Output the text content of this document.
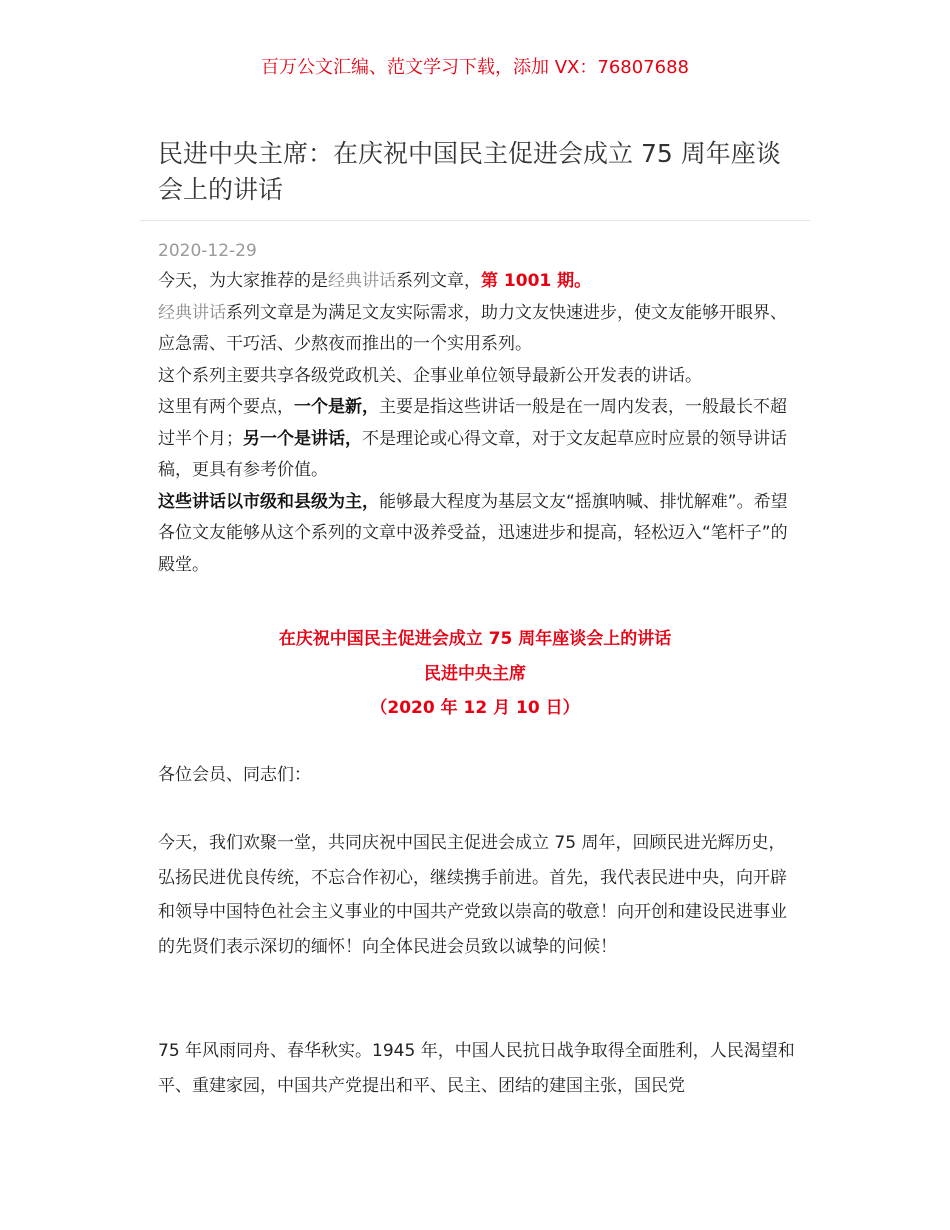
百万公文汇编、范文学习下载，添加 VX：76807688
民进中央主席：在庆祝中国民主促进会成立 75 周年座谈会上的讲话
2020-12-29

今天，为大家推荐的是经典讲话系列文章，第 1001 期。

经典讲话系列文章是为满足文友实际需求，助力文友快速进步，使文友能够开眼界、应急需、干巧活、少熬夜而推出的一个实用系列。

这个系列主要共享各级党政机关、企事业单位领导最新公开发表的讲话。

这里有两个要点，一个是新，主要是指这些讲话一般是在一周内发表，一般最长不超过半个月；另一个是讲话，不是理论或心得文章，对于文友起草应时应景的领导讲话稿，更具有参考价值。

这些讲话以市级和县级为主，能够最大程度为基层文友“摇旗呐喊、排忧解难”。希望各位文友能够从这个系列的文章中汲养受益，迅速进步和提高，轻松迈入“笔杆子”的殿堂。

在庆祝中国民主促进会成立 75 周年座谈会上的讲话
民进中央主席
（2020 年 12 月 10 日）

各位会员、同志们：

今天，我们欢聚一堂，共同庆祝中国民主促进会成立 75 周年，回顾民进光辉历史，弘扬民进优良传统，不忘合作初心，继续携手前进。首先，我代表民进中央，向开辟和领导中国特色社会主义事业的中国共产党致以崇高的敬意！向开创和建设民进事业的先贤们表示深切的缅怀！向全体民进会员致以诚挚的问候！

75 年风雨同舟、春华秋实。1945 年，中国人民抗日战争取得全面胜利，人民渴望和平、重建家园，中国共产党提出和平、民主、团结的建国主张，国民党
